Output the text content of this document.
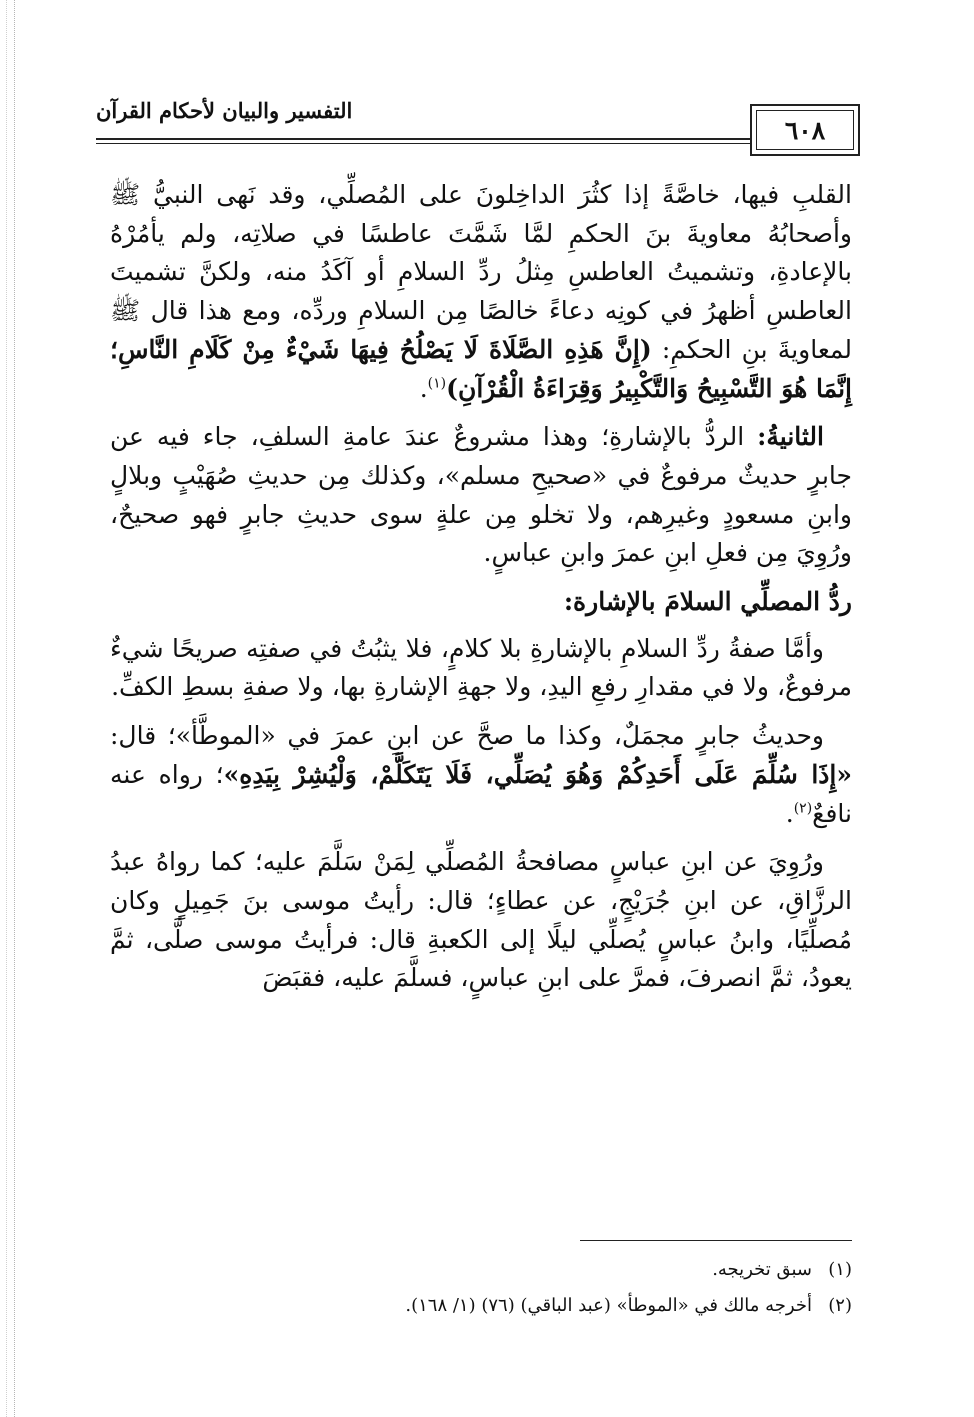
التفسير والبيان لأحكام القرآن
٦٠٨

القلبِ فيها، خاصَّةً إذا كثُرَ الداخِلونَ على المُصلِّي، وقد نَهى النبيُّ ﷺ وأصحابُهُ معاويةَ بنَ الحكمِ لمَّا شَمَّتَ عاطسًا في صلاتِه، ولم يأمُرْهُ بالإعادةِ، وتشميتُ العاطسِ مِثلُ ردِّ السلامِ أو آكَدُ منه، ولكنَّ تشميتَ العاطسِ أظهرُ في كونِه دعاءً خالصًا مِن السلامِ وردِّه، ومع هذا قال ﷺ لمعاويةَ بنِ الحكمِ: (إِنَّ هَذِهِ الصَّلَاةَ لَا يَصْلُحُ فِيهَا شَيْءٌ مِنْ كَلَامِ النَّاسِ؛ إِنَّمَا هُوَ التَّسْبِيحُ وَالتَّكْبِيرُ وَقِرَاءَةُ الْقُرْآنِ)$^{(١)}$.

الثانيةُ: الردُّ بالإشارةِ؛ وهذا مشروعٌ عندَ عامةِ السلفِ، جاء فيه عن جابرٍ حديثٌ مرفوعٌ في «صحيحِ مسلم»، وكذلك مِن حديثِ صُهَيْبٍ وبلالٍ وابنِ مسعودٍ وغيرِهم، ولا تخلو مِن علةٍ سوى حديثِ جابرٍ فهو صحيحٌ، ورُوِيَ مِن فعلِ ابنِ عمرَ وابنِ عباسٍ.

ردُّ المصلِّي السلامَ بالإشارة:

وأمَّا صفةُ ردِّ السلامِ بالإشارةِ بلا كلامٍ، فلا يثبُتُ في صفتِه صريحًا شيءٌ مرفوعٌ، ولا في مقدارِ رفعِ اليدِ، ولا جهةِ الإشارةِ بها، ولا صفةِ بسطِ الكفِّ.

وحديثُ جابرٍ مجمَلٌ، وكذا ما صحَّ عن ابنِ عمرَ في «الموطَّأ»؛ قال: «إِذَا سُلِّمَ عَلَى أَحَدِكُمْ وَهُوَ يُصَلِّي، فَلَا يَتَكَلَّمْ، وَلْيُشِرْ بِيَدِهِ»؛ رواه عنه نافعٌ$^{(٢)}$.

ورُوِيَ عن ابنِ عباسٍ مصافحةُ المُصلِّي لِمَنْ سَلَّمَ عليه؛ كما رواهُ عبدُ الرزَّاقِ، عن ابنِ جُرَيْجٍ، عن عطاءٍ؛ قال: رأيتُ موسى بنَ جَمِيلٍ وكان مُصلِّيًا، وابنُ عباسٍ يُصلِّي ليلًا إلى الكعبةِ قال: فرأيتُ موسى صلَّى، ثمَّ يعودُ، ثمَّ انصرفَ، فمرَّ على ابنِ عباسٍ، فسلَّمَ عليه، فقبَضَ

(١)سبق تخريجه.
(٢)أخرجه مالك في «الموطأ» (عبد الباقي) (٧٦) (١/ ١٦٨).
